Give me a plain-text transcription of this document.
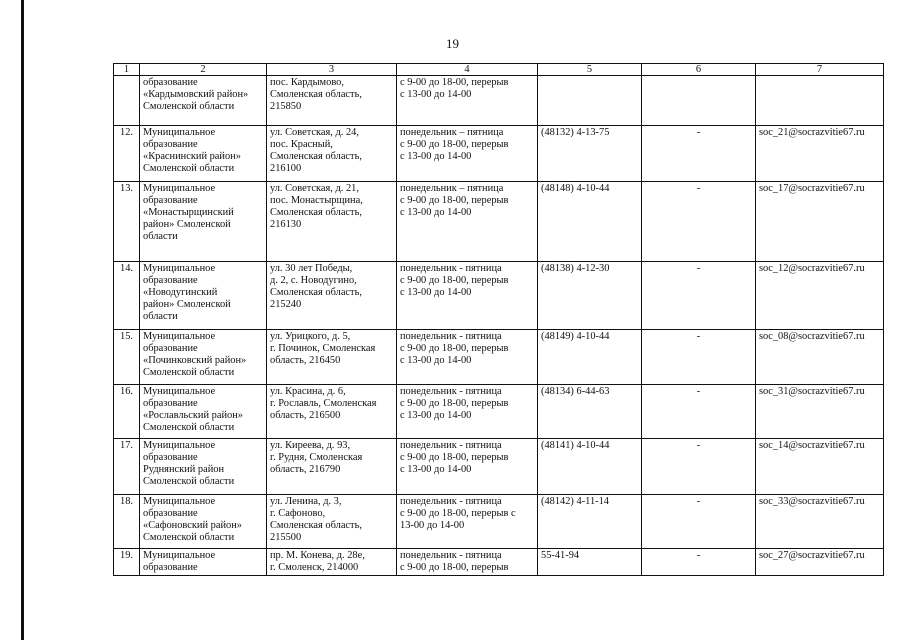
19
1	2	3	4	5	6	7

	образование
«Кардымовский район»
Смоленской области	пос. Кардымово,
Смоленская область,
215850	с 9-00 до 18-00, перерыв
с 13-00 до 14-00			

12.	Муниципальное
образование
«Краснинский район»
Смоленской области	ул. Советская, д. 24,
пос. Красный,
Смоленская область,
216100	понедельник – пятница
с 9-00 до 18-00, перерыв
с 13-00 до 14-00	(48132) 4-13-75	-	soc_21@socrazvitie67.ru
13.	Муниципальное
образование
«Монастырщинский
район» Смоленской
области	ул. Советская, д. 21,
пос. Монастырщина,
Смоленская область,
216130	понедельник – пятница
с 9-00 до 18-00, перерыв
с 13-00 до 14-00	(48148) 4-10-44	-	soc_17@socrazvitie67.ru
14.	Муниципальное
образование
«Новодугинский
район» Смоленской
области	ул. 30 лет Победы,
д. 2, с. Новодугино,
Смоленская область,
215240	понедельник - пятница
с 9-00 до 18-00, перерыв
с 13-00 до 14-00	(48138) 4-12-30	-	soc_12@socrazvitie67.ru
15.	Муниципальное
образование
«Починковский район»
Смоленской области	ул. Урицкого, д. 5,
г. Починок, Смоленская
область, 216450	понедельник - пятница
с 9-00 до 18-00, перерыв
с 13-00 до 14-00	(48149) 4-10-44	-	soc_08@socrazvitie67.ru
16.	Муниципальное
образование
«Рославльский район»
Смоленской области	ул. Красина, д. 6,
г. Рославль, Смоленская
область, 216500	понедельник - пятница
с 9-00 до 18-00, перерыв
с 13-00 до 14-00	(48134) 6-44-63	-	soc_31@socrazvitie67.ru
17.	Муниципальное
образование
Руднянский район
Смоленской области	ул. Киреева, д. 93,
г. Рудня, Смоленская
область, 216790	понедельник - пятница
с 9-00 до 18-00, перерыв
с 13-00 до 14-00	(48141) 4-10-44	-	soc_14@socrazvitie67.ru
18.	Муниципальное
образование
«Сафоновский район»
Смоленской области	ул. Ленина, д. 3,
г. Сафоново,
Смоленская область,
215500	понедельник - пятница
с 9-00 до 18-00, перерыв с
13-00 до 14-00	(48142) 4-11-14	-	soc_33@socrazvitie67.ru
19.	Муниципальное
образование	пр. М. Конева, д. 28е,
г. Смоленск, 214000	понедельник - пятница
с 9-00 до 18-00, перерыв	55-41-94	-	soc_27@socrazvitie67.ru
